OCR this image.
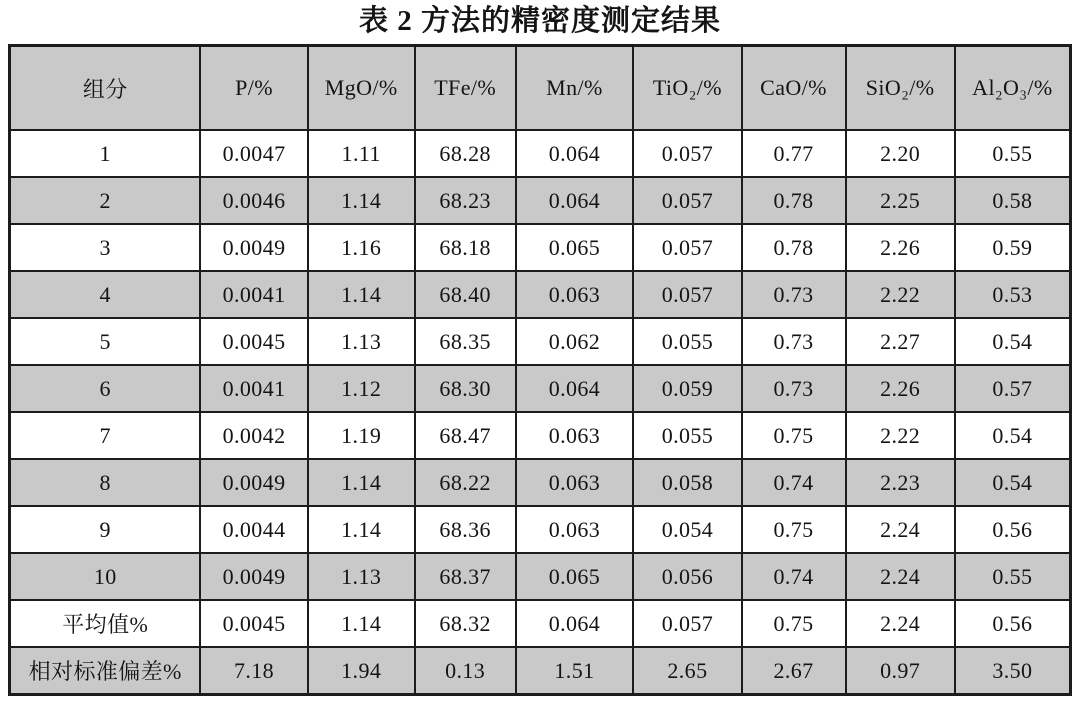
表 2 方法的精密度测定结果
组分	P/%	MgO/%	TFe/%	Mn/%	TiO₂/%	CaO/%	SiO₂/%	Al₂O₃/%
1	0.0047	1.11	68.28	0.064	0.057	0.77	2.20	0.55
2	0.0046	1.14	68.23	0.064	0.057	0.78	2.25	0.58
3	0.0049	1.16	68.18	0.065	0.057	0.78	2.26	0.59
4	0.0041	1.14	68.40	0.063	0.057	0.73	2.22	0.53
5	0.0045	1.13	68.35	0.062	0.055	0.73	2.27	0.54
6	0.0041	1.12	68.30	0.064	0.059	0.73	2.26	0.57
7	0.0042	1.19	68.47	0.063	0.055	0.75	2.22	0.54
8	0.0049	1.14	68.22	0.063	0.058	0.74	2.23	0.54
9	0.0044	1.14	68.36	0.063	0.054	0.75	2.24	0.56
10	0.0049	1.13	68.37	0.065	0.056	0.74	2.24	0.55
平均值%	0.0045	1.14	68.32	0.064	0.057	0.75	2.24	0.56
相对标准偏差%	7.18	1.94	0.13	1.51	2.65	2.67	0.97	3.50
